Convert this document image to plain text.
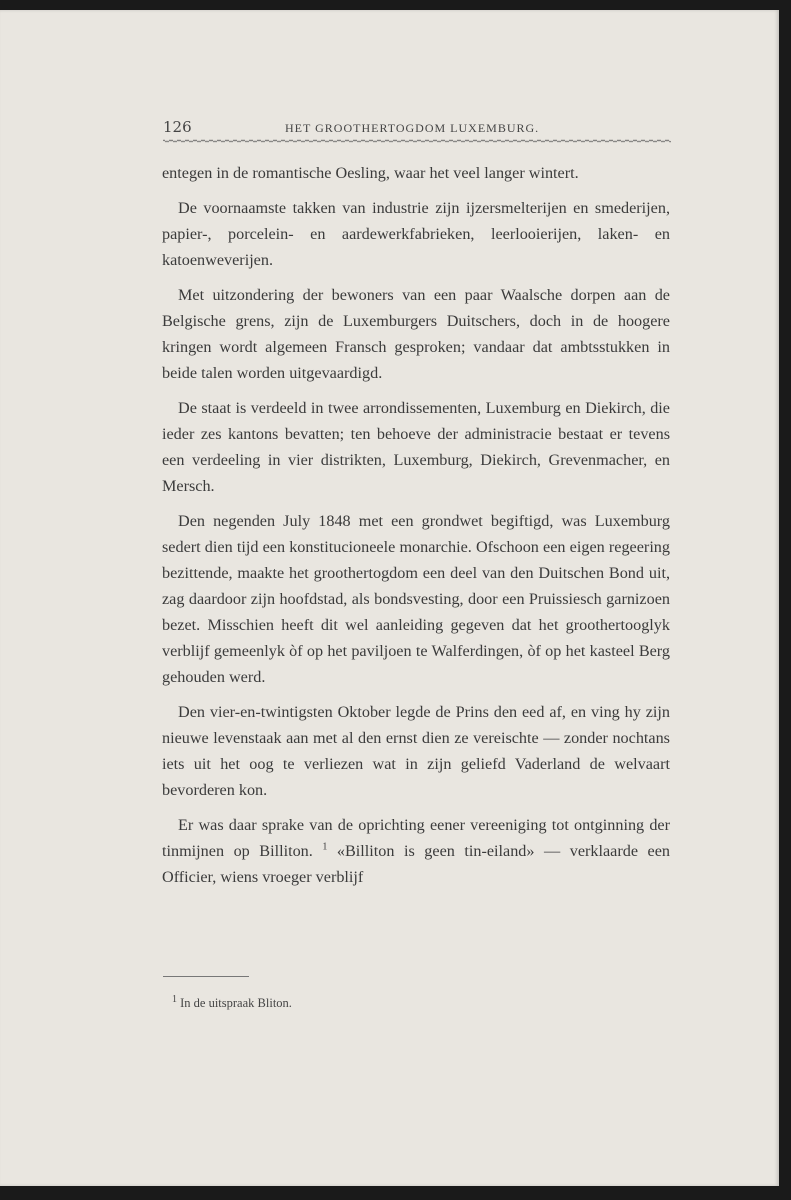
126	HET GROOTHERTOGDOM LUXEMBURG.

entegen in de romantische Oesling, waar het veel langer wintert.

De voornaamste takken van industrie zijn ijzersmelterijen en smederijen, papier-, porcelein- en aardewerkfabrieken, leerlooierijen, laken- en katoenweverijen.

Met uitzondering der bewoners van een paar Waalsche dorpen aan de Belgische grens, zijn de Luxemburgers Duitschers, doch in de hoogere kringen wordt algemeen Fransch gesproken; vandaar dat ambtsstukken in beide talen worden uitgevaardigd.

De staat is verdeeld in twee arrondissementen, Luxemburg en Diekirch, die ieder zes kantons bevatten; ten behoeve der administracie bestaat er tevens een verdeeling in vier distrikten, Luxemburg, Diekirch, Grevenmacher, en Mersch.

Den negenden July 1848 met een grondwet begiftigd, was Luxemburg sedert dien tijd een konstitucioneele monarchie. Ofschoon een eigen regeering bezittende, maakte het groothertogdom een deel van den Duitschen Bond uit, zag daardoor zijn hoofdstad, als bondsvesting, door een Pruissiesch garnizoen bezet. Misschien heeft dit wel aanleiding gegeven dat het groothertooglyk verblijf gemeenlyk òf op het paviljoen te Walferdingen, òf op het kasteel Berg gehouden werd.

Den vier-en-twintigsten Oktober legde de Prins den eed af, en ving hy zijn nieuwe levenstaak aan met al den ernst dien ze vereischte — zonder nochtans iets uit het oog te verliezen wat in zijn geliefd Vaderland de welvaart bevorderen kon.

Er was daar sprake van de oprichting eener vereeniging tot ontginning der tinmijnen op Billiton. $^1$ «Billiton is geen tin-eiland» — verklaarde een Officier, wiens vroeger verblijf

$^1$ In de uitspraak Bliton.
